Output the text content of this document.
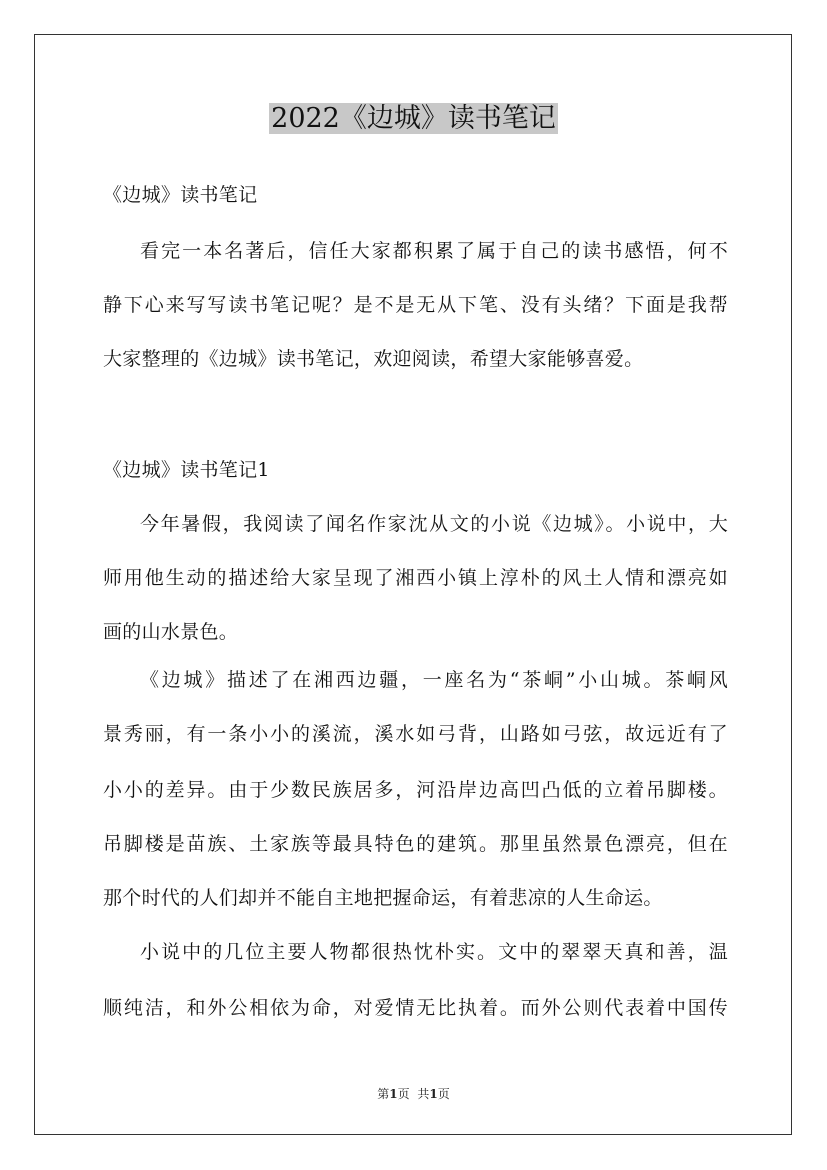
2022《边城》读书笔记
《边城》读书笔记
看完一本名著后，信任大家都积累了属于自己的读书感悟，何不
静下心来写写读书笔记呢？是不是无从下笔、没有头绪？下面是我帮
大家整理的《边城》读书笔记，欢迎阅读，希望大家能够喜爱。
《边城》读书笔记1
今年暑假，我阅读了闻名作家沈从文的小说《边城》。小说中，大
师用他生动的描述给大家呈现了湘西小镇上淳朴的风土人情和漂亮如
画的山水景色。
《边城》描述了在湘西边疆，一座名为“茶峒”小山城。茶峒风
景秀丽，有一条小小的溪流，溪水如弓背，山路如弓弦，故远近有了
小小的差异。由于少数民族居多，河沿岸边高凹凸低的立着吊脚楼。
吊脚楼是苗族、土家族等最具特色的建筑。那里虽然景色漂亮，但在
那个时代的人们却并不能自主地把握命运，有着悲凉的人生命运。
小说中的几位主要人物都很热忱朴实。文中的翠翠天真和善，温
顺纯洁，和外公相依为命，对爱情无比执着。而外公则代表着中国传
第1页 共1页
